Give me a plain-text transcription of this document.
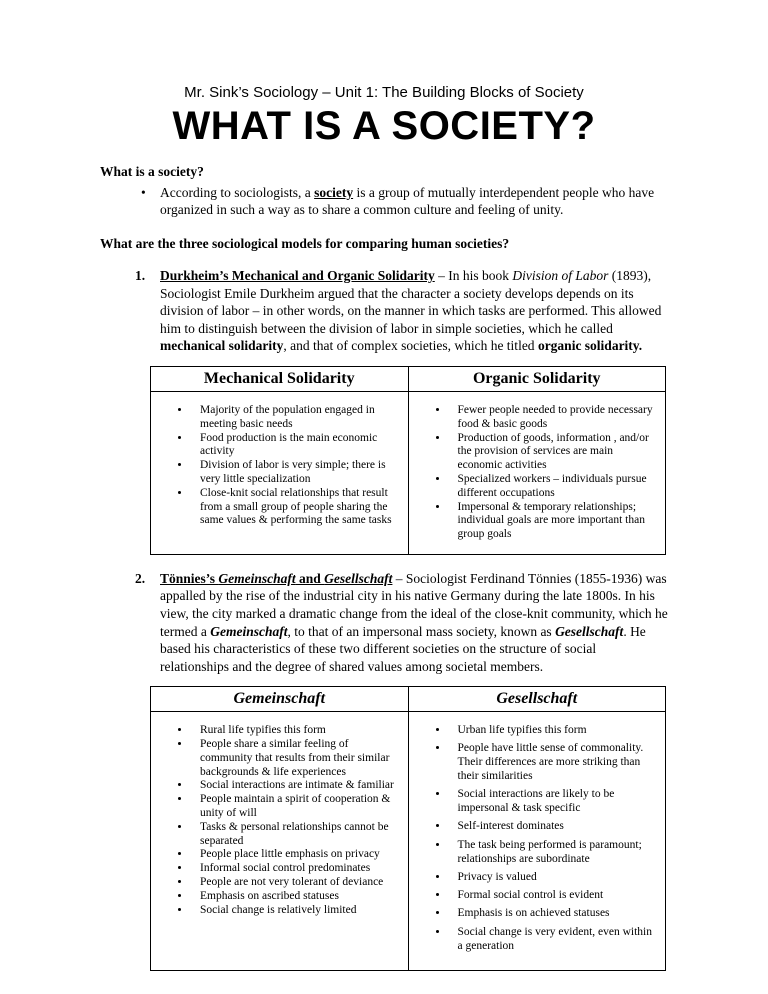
Mr. Sink’s Sociology – Unit 1: The Building Blocks of Society
WHAT IS A SOCIETY?

What is a society?

•	According to sociologists, a society is a group of mutually interdependent people who have organized in such a way as to share a common culture and feeling of unity.

What are the three sociological models for comparing human societies?

1.	Durkheim’s Mechanical and Organic Solidarity – In his book Division of Labor (1893), Sociologist Emile Durkheim argued that the character a society develops depends on its division of labor – in other words, on the manner in which tasks are performed. This allowed him to distinguish between the division of labor in simple societies, which he called mechanical solidarity, and that of complex societies, which he titled organic solidarity.

Mechanical Solidarity	Organic Solidarity

• Majority of the population engaged in meeting basic needs
• Food production is the main economic activity
• Division of labor is very simple; there is very little specialization
• Close-knit social relationships that result from a small group of people sharing the same values & performing the same tasks

• Fewer people needed to provide necessary food & basic goods
• Production of goods, information , and/or the provision of services are main economic activities
• Specialized workers – individuals pursue different occupations
• Impersonal & temporary relationships; individual goals are more important than group goals
2.	Tönnies’s Gemeinschaft and Gesellschaft – Sociologist Ferdinand Tönnies (1855-1936) was appalled by the rise of the industrial city in his native Germany during the late 1800s. In his view, the city marked a dramatic change from the ideal of the close-knit community, which he termed a Gemeinschaft, to that of an impersonal mass society, known as Gesellschaft. He based his characteristics of these two different societies on the structure of social relationships and the degree of shared values among societal members.

Gemeinschaft	Gesellschaft

• Rural life typifies this form
• People share a similar feeling of community that results from their similar backgrounds & life experiences
• Social interactions are intimate & familiar
• People maintain a spirit of cooperation & unity of will
• Tasks & personal relationships cannot be separated
• People place little emphasis on privacy
• Informal social control predominates
• People are not very tolerant of deviance
• Emphasis on ascribed statuses
• Social change is relatively limited

• Urban life typifies this form
• People have little sense of commonality. Their differences are more striking than their similarities
• Social interactions are likely to be impersonal & task specific
• Self-interest dominates
• The task being performed is paramount; relationships are subordinate
• Privacy is valued
• Formal social control is evident
• Emphasis is on achieved statuses
• Social change is very evident, even within a generation
